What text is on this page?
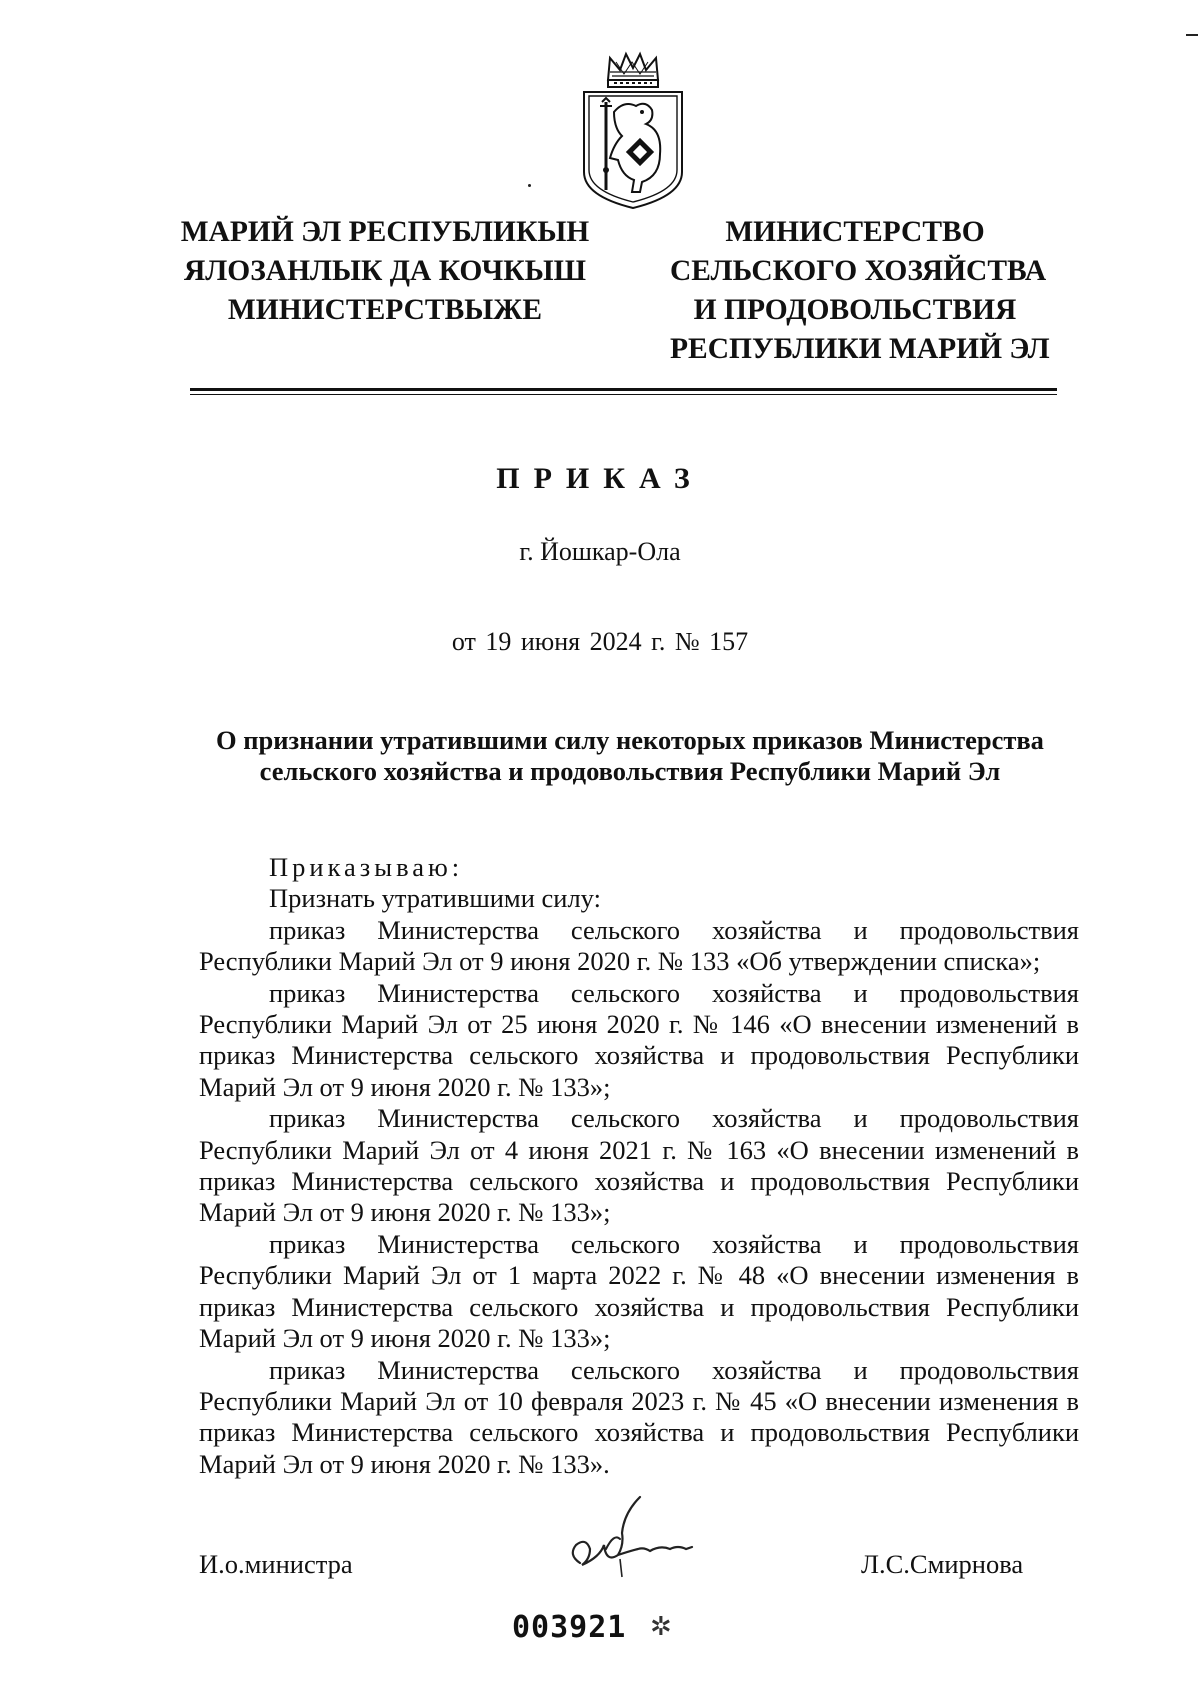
МАРИЙ ЭЛ РЕСПУБЛИКЫН
ЯЛОЗАНЛЫК ДА КОЧКЫШ
МИНИСТЕРСТВЫЖЕ
МИНИСТЕРСТВО
СЕЛЬСКОГО ХОЗЯЙСТВА
И ПРОДОВОЛЬСТВИЯ
РЕСПУБЛИКИ МАРИЙ ЭЛ
ПРИКАЗ
г. Йошкар-Ола
от 19 июня 2024 г. № 157
О признании утратившими силу некоторых приказов Министерства
сельского хозяйства и продовольствия Республики Марий Эл

Приказываю:

Признать утратившими силу:

приказ Министерства сельского хозяйства и продовольствия Республики Марий Эл от 9 июня 2020 г. № 133 «Об утверждении списка»;

приказ Министерства сельского хозяйства и продовольствия Республики Марий Эл от 25 июня 2020 г. № 146 «О внесении изменений в приказ Министерства сельского хозяйства и продовольствия Республики Марий Эл от 9 июня 2020 г. № 133»;

приказ Министерства сельского хозяйства и продовольствия Республики Марий Эл от 4 июня 2021 г. № 163 «О внесении изменений в приказ Министерства сельского хозяйства и продовольствия Республики Марий Эл от 9 июня 2020 г. № 133»;

приказ Министерства сельского хозяйства и продовольствия Республики Марий Эл от 1 марта 2022 г. № 48 «О внесении изменения в приказ Министерства сельского хозяйства и продовольствия Республики Марий Эл от 9 июня 2020 г. № 133»;

приказ Министерства сельского хозяйства и продовольствия Республики Марий Эл от 10 февраля 2023 г. № 45 «О внесении изменения в приказ Министерства сельского хозяйства и продовольствия Республики Марий Эл от 9 июня 2020 г. № 133».

И.о.министра	Л.С.Смирнова
003921 ✲
